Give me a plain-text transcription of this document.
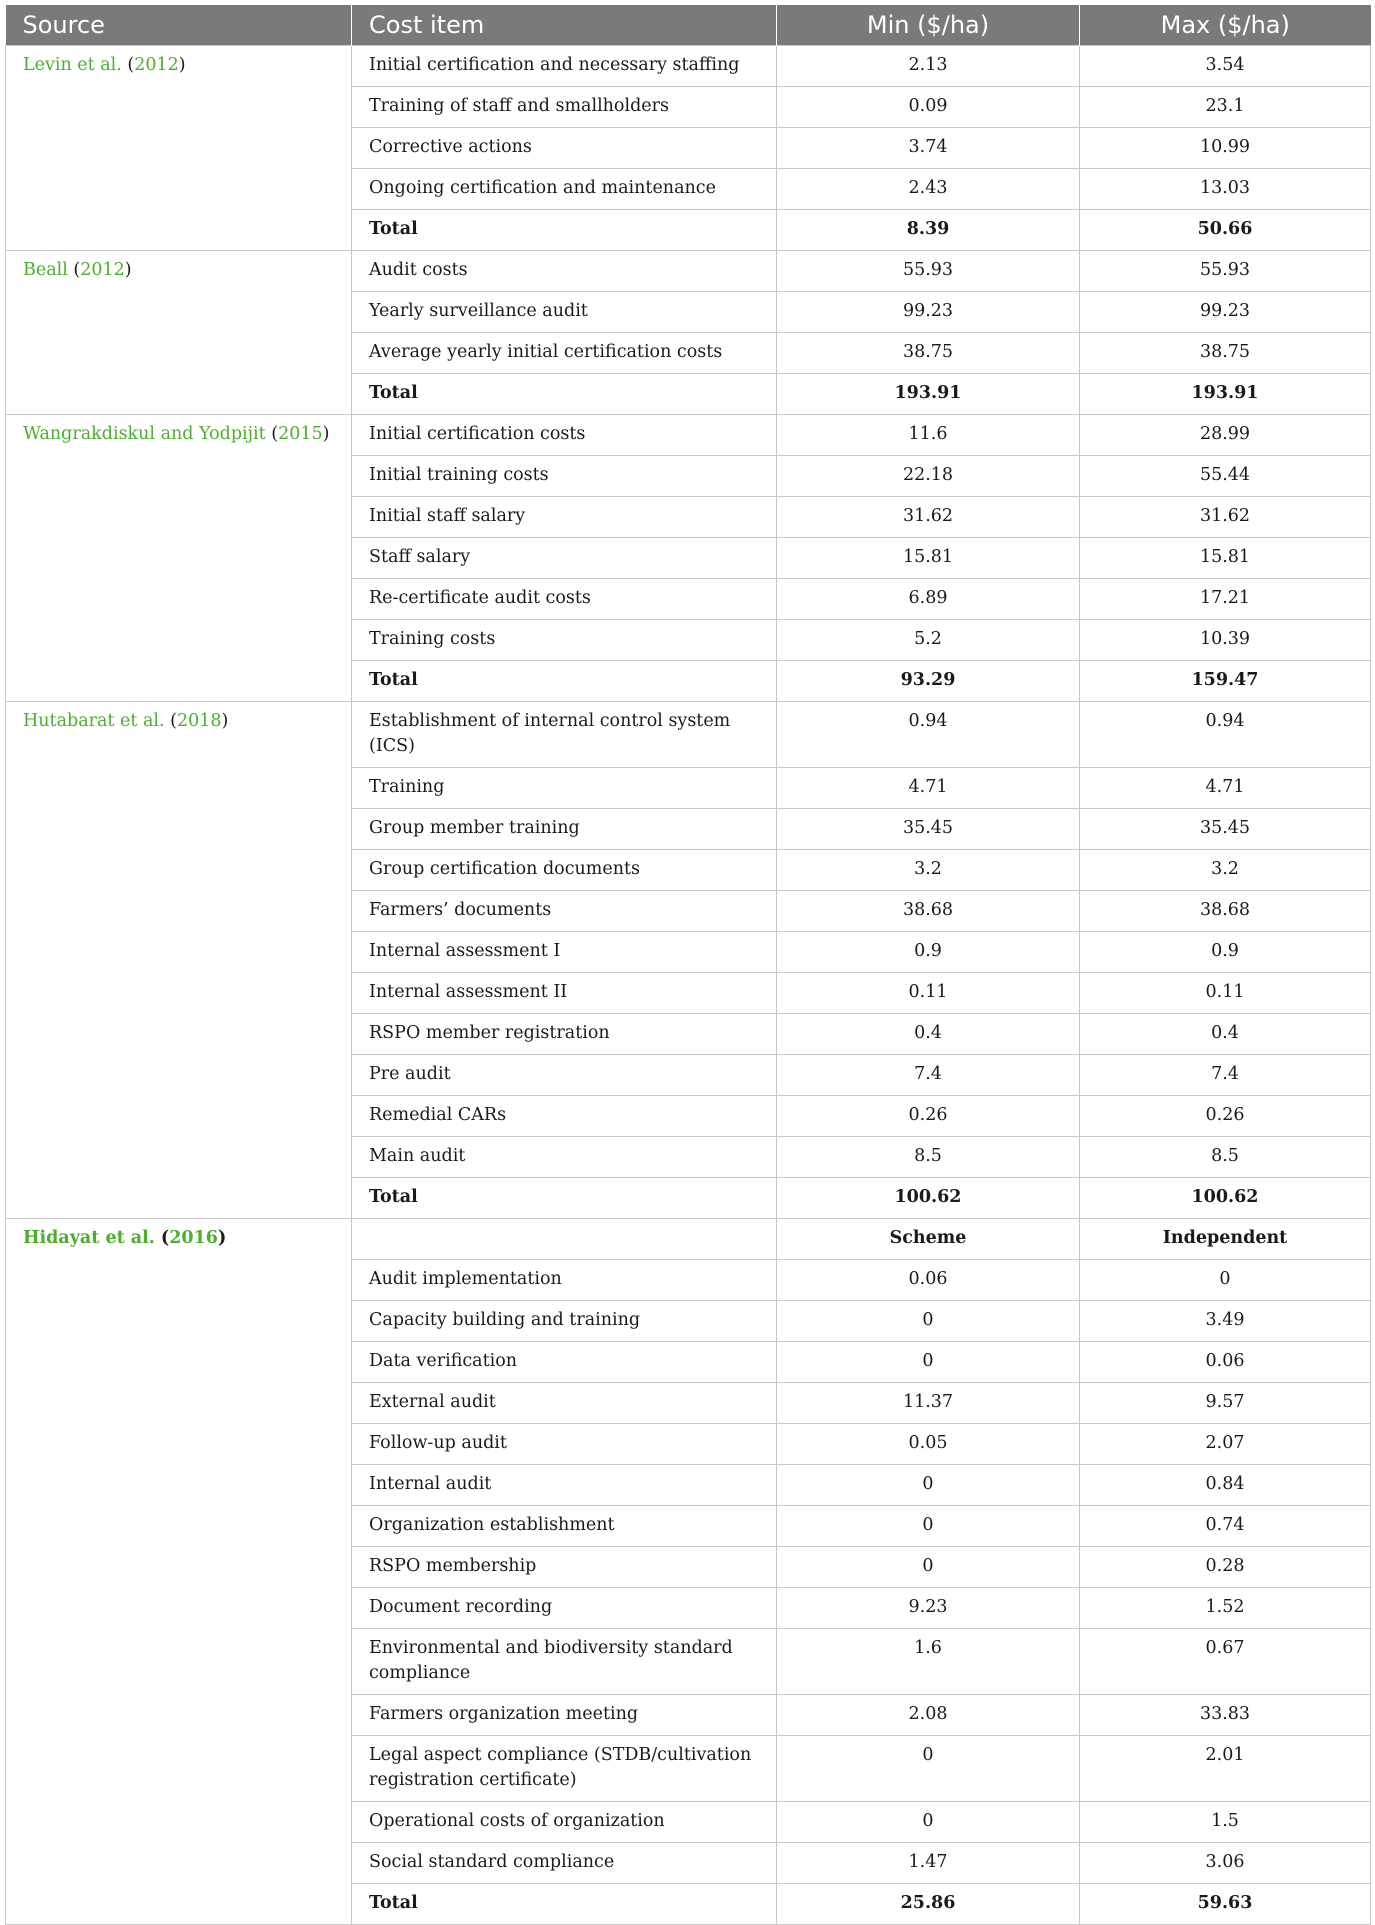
Source	Cost item	Min ($/ha)	Max ($/ha)
Levin et al. (2012)	Initial certification and necessary staffing	2.13	3.54
	Training of staff and smallholders	0.09	23.1
	Corrective actions	3.74	10.99
	Ongoing certification and maintenance	2.43	13.03
	Total	8.39	50.66
Beall (2012)	Audit costs	55.93	55.93
	Yearly surveillance audit	99.23	99.23
	Average yearly initial certification costs	38.75	38.75
	Total	193.91	193.91
Wangrakdiskul and Yodpijit (2015)	Initial certification costs	11.6	28.99
	Initial training costs	22.18	55.44
	Initial staff salary	31.62	31.62
	Staff salary	15.81	15.81
	Re-certificate audit costs	6.89	17.21
	Training costs	5.2	10.39
	Total	93.29	159.47
Hutabarat et al. (2018)	Establishment of internal control system (ICS)	0.94	0.94
	Training	4.71	4.71
	Group member training	35.45	35.45
	Group certification documents	3.2	3.2
	Farmers’ documents	38.68	38.68
	Internal assessment I	0.9	0.9
	Internal assessment II	0.11	0.11
	RSPO member registration	0.4	0.4
	Pre audit	7.4	7.4
	Remedial CARs	0.26	0.26
	Main audit	8.5	8.5
	Total	100.62	100.62
Hidayat et al. (2016)		Scheme	Independent
	Audit implementation	0.06	0
	Capacity building and training	0	3.49
	Data verification	0	0.06
	External audit	11.37	9.57
	Follow-up audit	0.05	2.07
	Internal audit	0	0.84
	Organization establishment	0	0.74
	RSPO membership	0	0.28
	Document recording	9.23	1.52
	Environmental and biodiversity standard compliance	1.6	0.67
	Farmers organization meeting	2.08	33.83
	Legal aspect compliance (STDB/cultivation registration certificate)	0	2.01
	Operational costs of organization	0	1.5
	Social standard compliance	1.47	3.06
	Total	25.86	59.63
